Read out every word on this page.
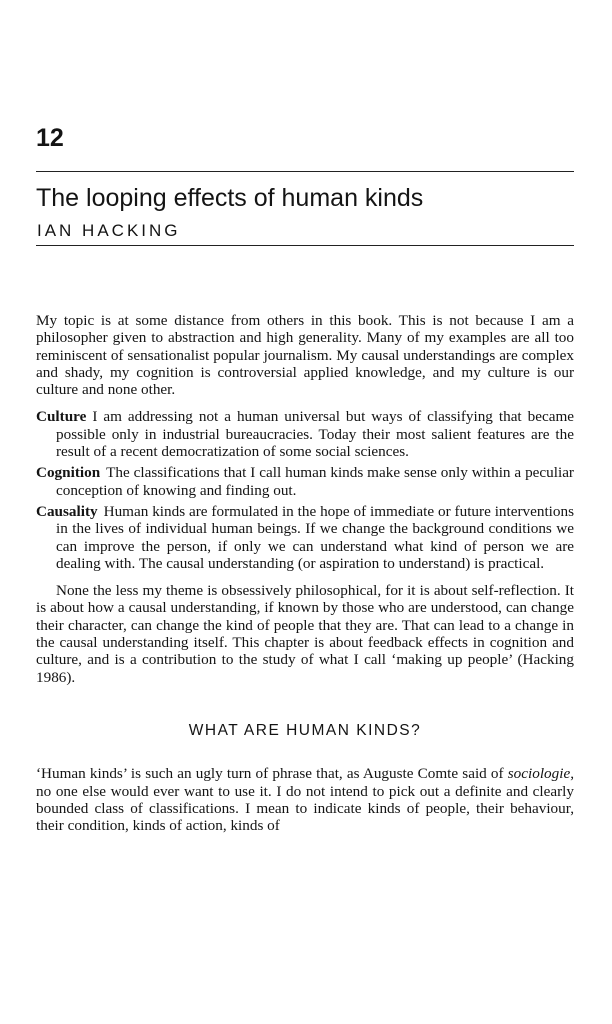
12
The looping effects of human kinds
IAN HACKING

My topic is at some distance from others in this book. This is not because I am a philosopher given to abstraction and high generality. Many of my examples are all too reminiscent of sensationalist popular journalism. My causal understandings are complex and shady, my cognition is controversial applied knowledge, and my culture is our culture and none other.

Culture I am addressing not a human universal but ways of classifying that became possible only in industrial bureaucracies. Today their most salient features are the result of a recent democratization of some social sciences.

Cognition The classifications that I call human kinds make sense only within a peculiar conception of knowing and finding out.

Causality Human kinds are formulated in the hope of immediate or future interventions in the lives of individual human beings. If we change the background conditions we can improve the person, if only we can understand what kind of person we are dealing with. The causal understanding (or aspiration to understand) is practical.

None the less my theme is obsessively philosophical, for it is about self-reflection. It is about how a causal understanding, if known by those who are understood, can change their character, can change the kind of people that they are. That can lead to a change in the causal understanding itself. This chapter is about feedback effects in cognition and culture, and is a contribution to the study of what I call ‘making up people’ (Hacking 1986).

WHAT ARE HUMAN KINDS?

‘Human kinds’ is such an ugly turn of phrase that, as Auguste Comte said of sociologie, no one else would ever want to use it. I do not intend to pick out a definite and clearly bounded class of classifications. I mean to indicate kinds of people, their behaviour, their condition, kinds of action, kinds of
